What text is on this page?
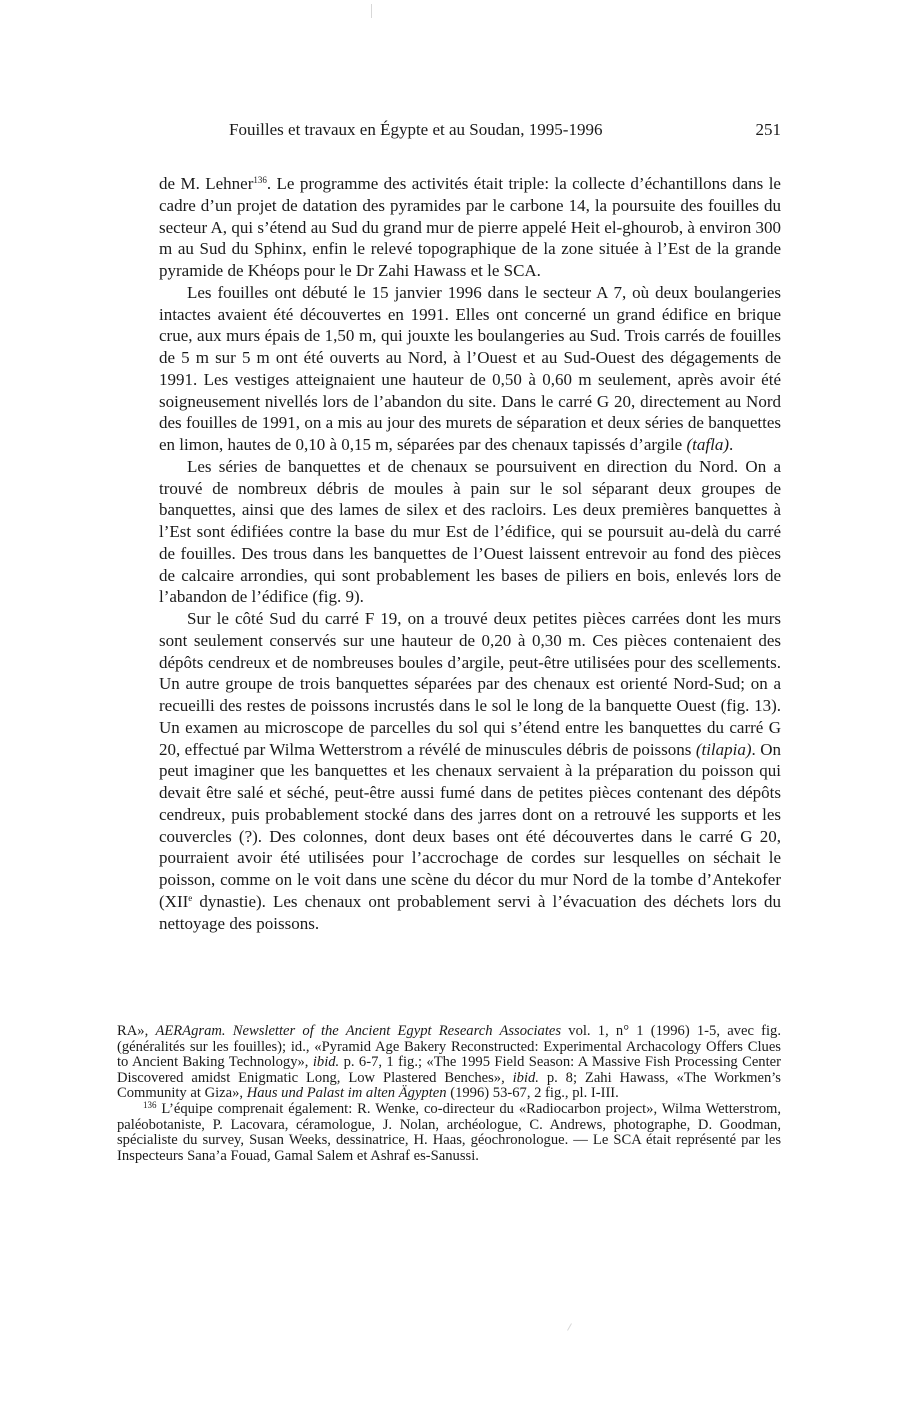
Fouilles et travaux en Égypte et au Soudan, 1995-1996	251

de M. Lehner$^{136}$. Le programme des activités était triple: la collecte d’échantillons dans le cadre d’un projet de datation des pyramides par le carbone 14, la poursuite des fouilles du secteur A, qui s’étend au Sud du grand mur de pierre appelé Heit el-ghourob, à environ 300 m au Sud du Sphinx, enfin le relevé topographique de la zone située à l’Est de la grande pyramide de Khéops pour le Dr Zahi Hawass et le SCA.

Les fouilles ont débuté le 15 janvier 1996 dans le secteur A 7, où deux boulangeries intactes avaient été découvertes en 1991. Elles ont concerné un grand édifice en brique crue, aux murs épais de 1,50 m, qui jouxte les boulangeries au Sud. Trois carrés de fouilles de 5 m sur 5 m ont été ouverts au Nord, à l’Ouest et au Sud-Ouest des dégagements de 1991. Les vestiges atteignaient une hauteur de 0,50 à 0,60 m seulement, après avoir été soigneusement nivellés lors de l’abandon du site. Dans le carré G 20, directement au Nord des fouilles de 1991, on a mis au jour des murets de séparation et deux séries de banquettes en limon, hautes de 0,10 à 0,15 m, séparées par des chenaux tapissés d’argile (tafla).

Les séries de banquettes et de chenaux se poursuivent en direction du Nord. On a trouvé de nombreux débris de moules à pain sur le sol séparant deux groupes de banquettes, ainsi que des lames de silex et des racloirs. Les deux premières banquettes à l’Est sont édifiées contre la base du mur Est de l’édifice, qui se poursuit au-delà du carré de fouilles. Des trous dans les banquettes de l’Ouest laissent entrevoir au fond des pièces de calcaire arrondies, qui sont probablement les bases de piliers en bois, enlevés lors de l’abandon de l’édifice (fig. 9).

Sur le côté Sud du carré F 19, on a trouvé deux petites pièces carrées dont les murs sont seulement conservés sur une hauteur de 0,20 à 0,30 m. Ces pièces contenaient des dépôts cendreux et de nombreuses boules d’argile, peut-être utilisées pour des scellements. Un autre groupe de trois banquettes séparées par des chenaux est orienté Nord-Sud; on a recueilli des restes de poissons incrustés dans le sol le long de la banquette Ouest (fig. 13). Un examen au microscope de parcelles du sol qui s’étend entre les banquettes du carré G 20, effectué par Wilma Wetterstrom a révélé de minuscules débris de poissons (tilapia). On peut imaginer que les banquettes et les chenaux servaient à la préparation du poisson qui devait être salé et séché, peut-être aussi fumé dans de petites pièces contenant des dépôts cendreux, puis probablement stocké dans des jarres dont on a retrouvé les supports et les couvercles (?). Des colonnes, dont deux bases ont été découvertes dans le carré G 20, pourraient avoir été utilisées pour l’accrochage de cordes sur lesquelles on séchait le poisson, comme on le voit dans une scène du décor du mur Nord de la tombe d’Antekofer (XIIe dynastie). Les chenaux ont probablement servi à l’évacuation des déchets lors du nettoyage des poissons.

RA», AERAgram. Newsletter of the Ancient Egypt Research Associates vol. 1, n° 1 (1996) 1-5, avec fig. (généralités sur les fouilles); id., «Pyramid Age Bakery Reconstructed: Experimental Archacology Offers Clues to Ancient Baking Technology», ibid. p. 6-7, 1 fig.; «The 1995 Field Season: A Massive Fish Processing Center Discovered amidst Enigmatic Long, Low Plastered Benches», ibid. p. 8; Zahi Hawass, «The Workmen’s Community at Giza», Haus und Palast im alten Ägypten (1996) 53-67, 2 fig., pl. I-III.

$^{136}$ L’équipe comprenait également: R. Wenke, co-directeur du «Radiocarbon project», Wilma Wetterstrom, paléobotaniste, P. Lacovara, céramologue, J. Nolan, archéologue, C. Andrews, photographe, D. Goodman, spécialiste du survey, Susan Weeks, dessinatrice, H. Haas, géochronologue. — Le SCA était représenté par les Inspecteurs Sana’a Fouad, Gamal Salem et Ashraf es-Sanussi.
